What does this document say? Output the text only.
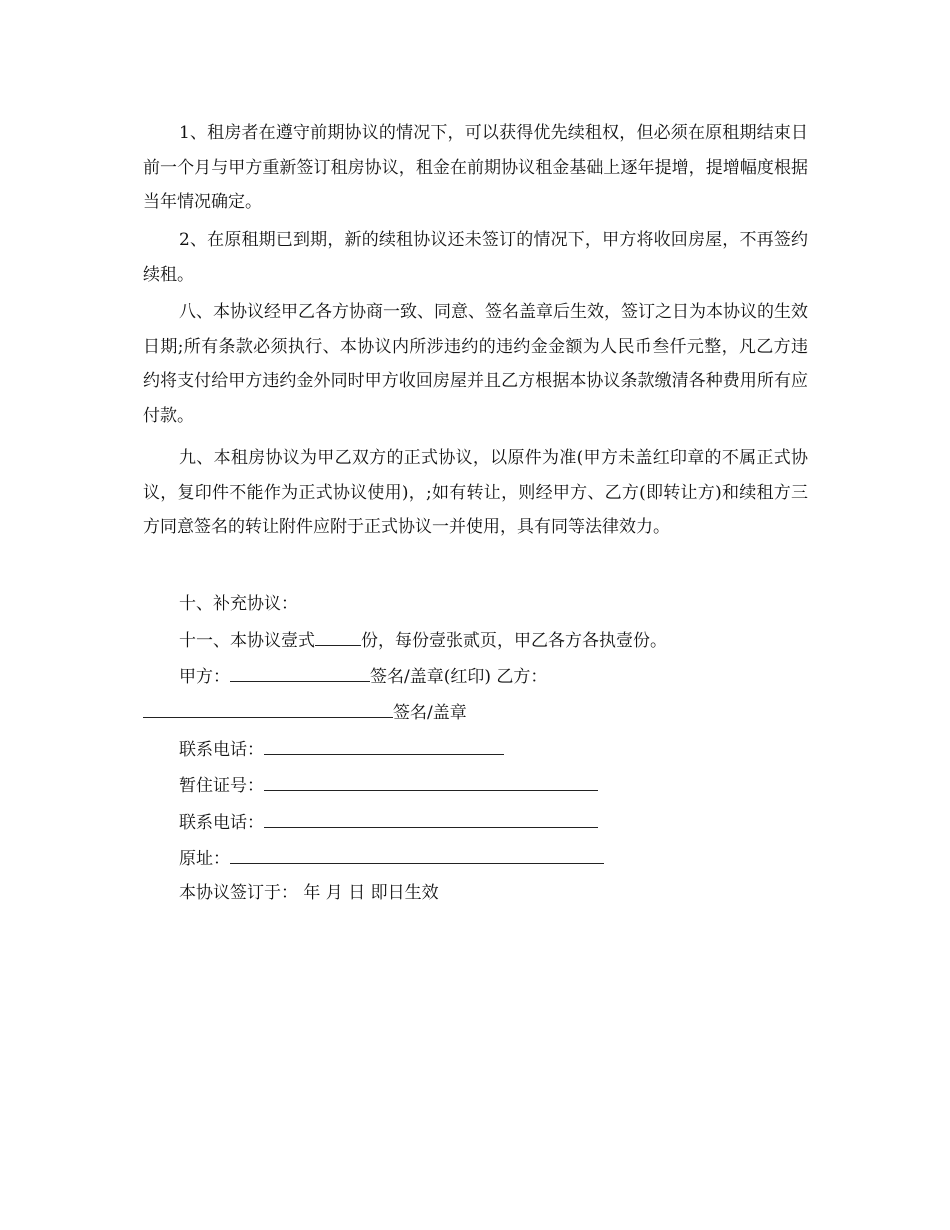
1、租房者在遵守前期协议的情况下，可以获得优先续租权，但必须在原租期结束日前一个月与甲方重新签订租房协议，租金在前期协议租金基础上逐年提增，提增幅度根据当年情况确定。

2、在原租期已到期，新的续租协议还未签订的情况下，甲方将收回房屋，不再签约续租。

八、本协议经甲乙各方协商一致、同意、签名盖章后生效，签订之日为本协议的生效日期;所有条款必须执行、本协议内所涉违约的违约金金额为人民币叁仟元整，凡乙方违约将支付给甲方违约金外同时甲方收回房屋并且乙方根据本协议条款缴清各种费用所有应付款。

九、本租房协议为甲乙双方的正式协议，以原件为准(甲方未盖红印章的不属正式协议，复印件不能作为正式协议使用)，;如有转让，则经甲方、乙方(即转让方)和续租方三方同意签名的转让附件应附于正式协议一并使用，具有同等法律效力。

十、补充协议：

十一、本协议壹式	份，每份壹张贰页，甲乙各方各执壹份。

甲方：	签名/盖章(红印) 乙方：

签名/盖章

联系电话：

暂住证号：

联系电话：

原址：

本协议签订于： 年 月 日 即日生效
